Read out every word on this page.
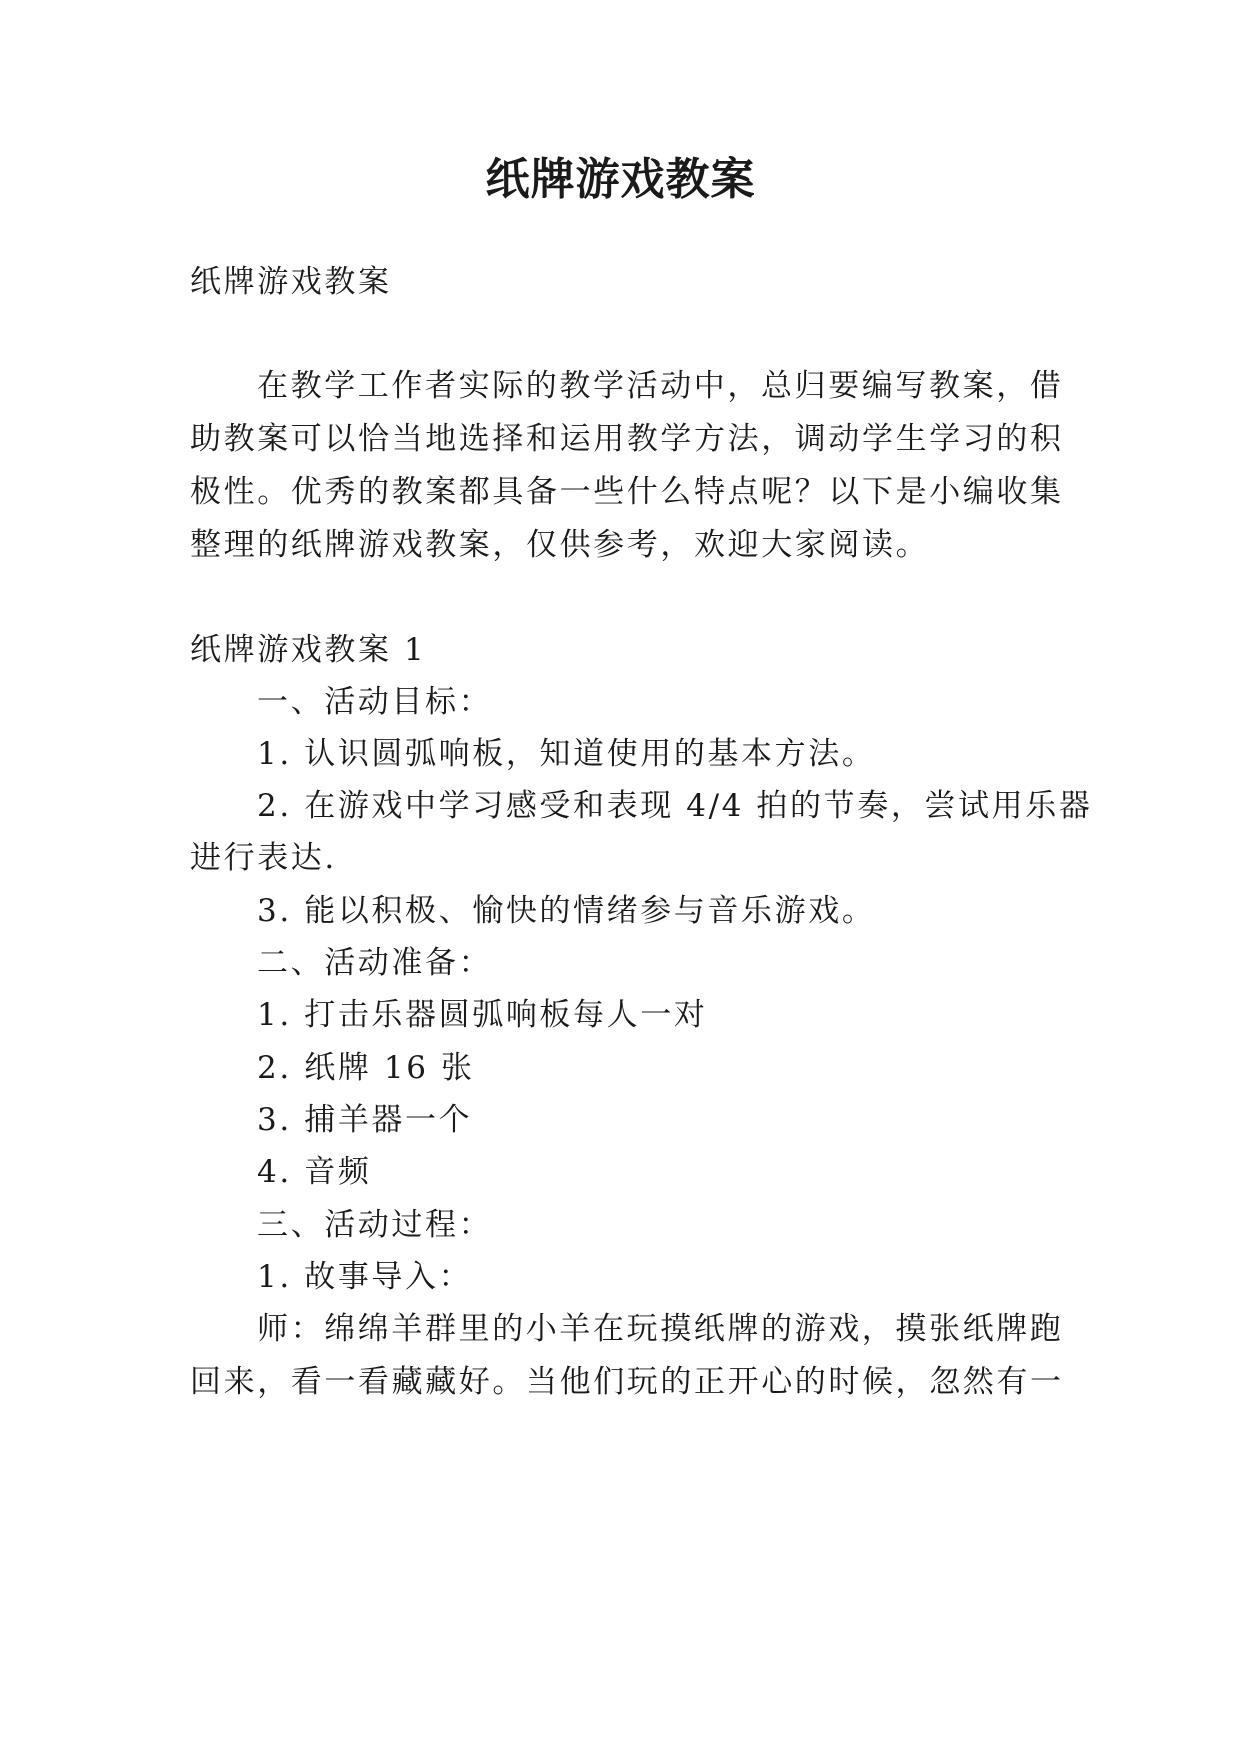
纸牌游戏教案

纸牌游戏教案

在教学工作者实际的教学活动中，总归要编写教案，借

助教案可以恰当地选择和运用教学方法，调动学生学习的积

极性。优秀的教案都具备一些什么特点呢？以下是小编收集

整理的纸牌游戏教案，仅供参考，欢迎大家阅读。

纸牌游戏教案 1

一、活动目标：

1. 认识圆弧响板，知道使用的基本方法。

2. 在游戏中学习感受和表现 4/4 拍的节奏，尝试用乐器

进行表达.

3. 能以积极、愉快的情绪参与音乐游戏。

二、活动准备：

1. 打击乐器圆弧响板每人一对

2. 纸牌 16 张

3. 捕羊器一个

4. 音频

三、活动过程：

1. 故事导入：

师：绵绵羊群里的小羊在玩摸纸牌的游戏，摸张纸牌跑

回来，看一看藏藏好。当他们玩的正开心的时候，忽然有一
